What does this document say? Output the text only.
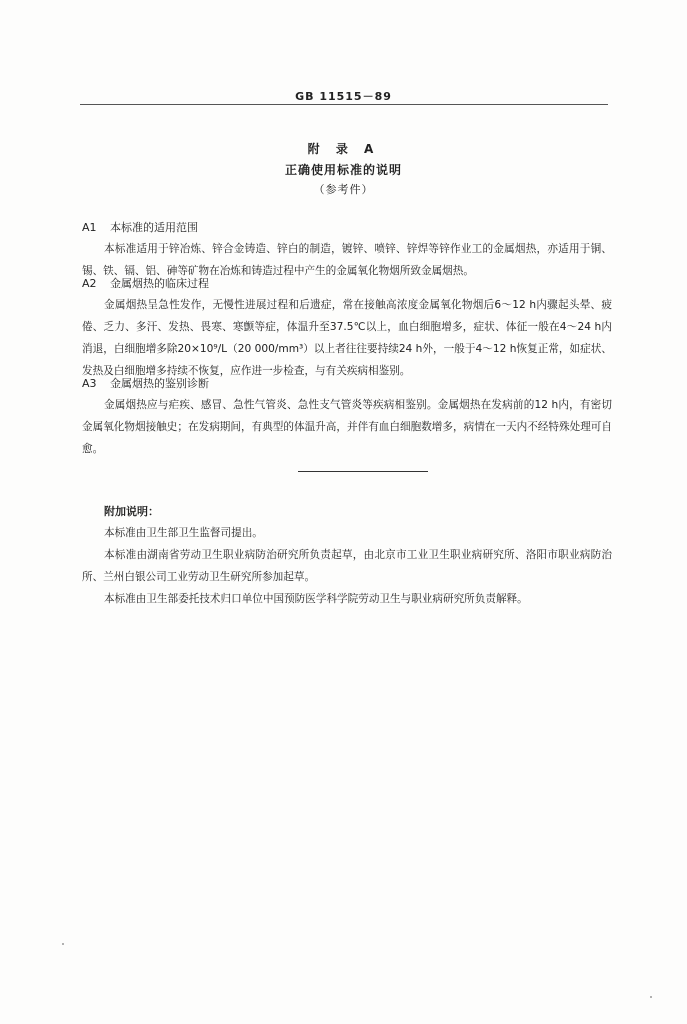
GB 11515－89
附 录 A
正确使用标准的说明
（参考件）
A1 本标准的适用范围

本标准适用于锌冶炼、锌合金铸造、锌白的制造，镀锌、喷锌、锌焊等锌作业工的金属烟热，亦适用于铜、锡、铁、镉、铝、砷等矿物在冶炼和铸造过程中产生的金属氧化物烟所致金属烟热。

A2 金属烟热的临床过程

金属烟热呈急性发作，无慢性进展过程和后遗症，常在接触高浓度金属氧化物烟后6～12 h内骤起头晕、疲倦、乏力、多汗、发热、畏寒、寒颤等症，体温升至37.5℃以上，血白细胞增多，症状、体征一般在4～24 h内消退，白细胞增多除20×10⁹/L（20 000/mm³）以上者往往要持续24 h外，一般于4～12 h恢复正常，如症状、发热及白细胞增多持续不恢复，应作进一步检查，与有关疾病相鉴别。

A3 金属烟热的鉴别诊断

金属烟热应与疟疾、感冒、急性气管炎、急性支气管炎等疾病相鉴别。金属烟热在发病前的12 h内，有密切金属氧化物烟接触史；在发病期间，有典型的体温升高，并伴有血白细胞数增多，病情在一天内不经特殊处理可自愈。

附加说明：

本标准由卫生部卫生监督司提出。

本标准由湖南省劳动卫生职业病防治研究所负责起草，由北京市工业卫生职业病研究所、洛阳市职业病防治所、兰州白银公司工业劳动卫生研究所参加起草。

本标准由卫生部委托技术归口单位中国预防医学科学院劳动卫生与职业病研究所负责解释。
